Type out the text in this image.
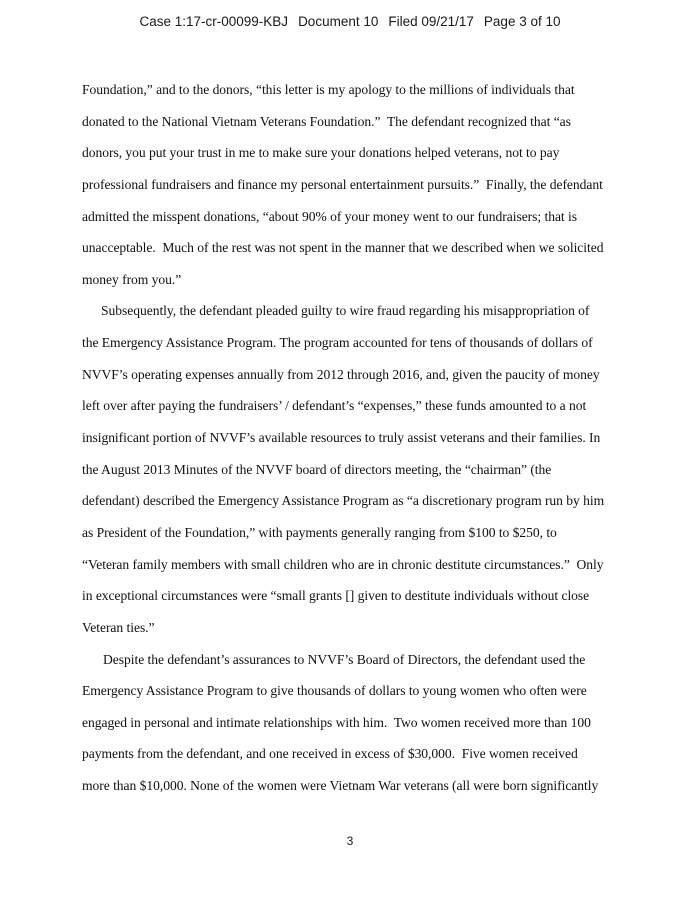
Case 1:17-cr-00099-KBJ Document 10 Filed 09/21/17 Page 3 of 10
Foundation,” and to the donors, “this letter is my apology to the millions of individuals that
donated to the National Vietnam Veterans Foundation.”  The defendant recognized that “as
donors, you put your trust in me to make sure your donations helped veterans, not to pay
professional fundraisers and finance my personal entertainment pursuits.”  Finally, the defendant
admitted the misspent donations, “about 90% of your money went to our fundraisers; that is
unacceptable.  Much of the rest was not spent in the manner that we described when we solicited
money from you.”
Subsequently, the defendant pleaded guilty to wire fraud regarding his misappropriation of
the Emergency Assistance Program. The program accounted for tens of thousands of dollars of
NVVF’s operating expenses annually from 2012 through 2016, and, given the paucity of money
left over after paying the fundraisers’ / defendant’s “expenses,” these funds amounted to a not
insignificant portion of NVVF’s available resources to truly assist veterans and their families. In
the August 2013 Minutes of the NVVF board of directors meeting, the “chairman” (the
defendant) described the Emergency Assistance Program as “a discretionary program run by him
as President of the Foundation,” with payments generally ranging from $100 to $250, to
“Veteran family members with small children who are in chronic destitute circumstances.”  Only
in exceptional circumstances were “small grants [] given to destitute individuals without close
Veteran ties.”
Despite the defendant’s assurances to NVVF’s Board of Directors, the defendant used the
Emergency Assistance Program to give thousands of dollars to young women who often were
engaged in personal and intimate relationships with him.  Two women received more than 100
payments from the defendant, and one received in excess of $30,000.  Five women received
more than $10,000. None of the women were Vietnam War veterans (all were born significantly
3
